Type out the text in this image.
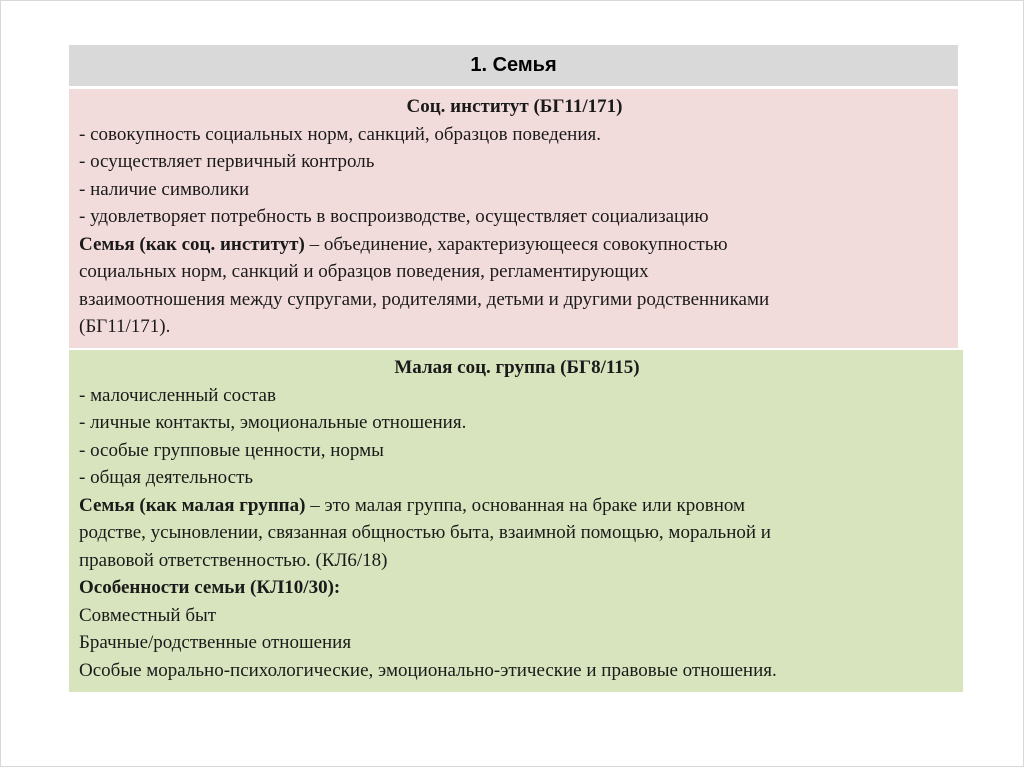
1. Семья
Соц. институт (БГ11/171)
- совокупность социальных норм, санкций, образцов поведения.
- осуществляет первичный контроль
- наличие символики
- удовлетворяет потребность в воспроизводстве, осуществляет социализацию
Семья (как соц. институт) – объединение, характеризующееся совокупностью
социальных норм, санкций и образцов поведения, регламентирующих
взаимоотношения между супругами, родителями, детьми и другими родственниками
(БГ11/171).
Малая соц. группа (БГ8/115)
- малочисленный состав
- личные контакты, эмоциональные отношения.
- особые групповые ценности, нормы
- общая деятельность
Семья (как малая группа) – это малая группа, основанная на браке или кровном
родстве, усыновлении, связанная общностью быта, взаимной помощью, моральной и
правовой ответственностью. (КЛ6/18)
Особенности семьи (КЛ10/30):
Совместный быт
Брачные/родственные отношения
Особые морально-психологические, эмоционально-этические и правовые отношения.
